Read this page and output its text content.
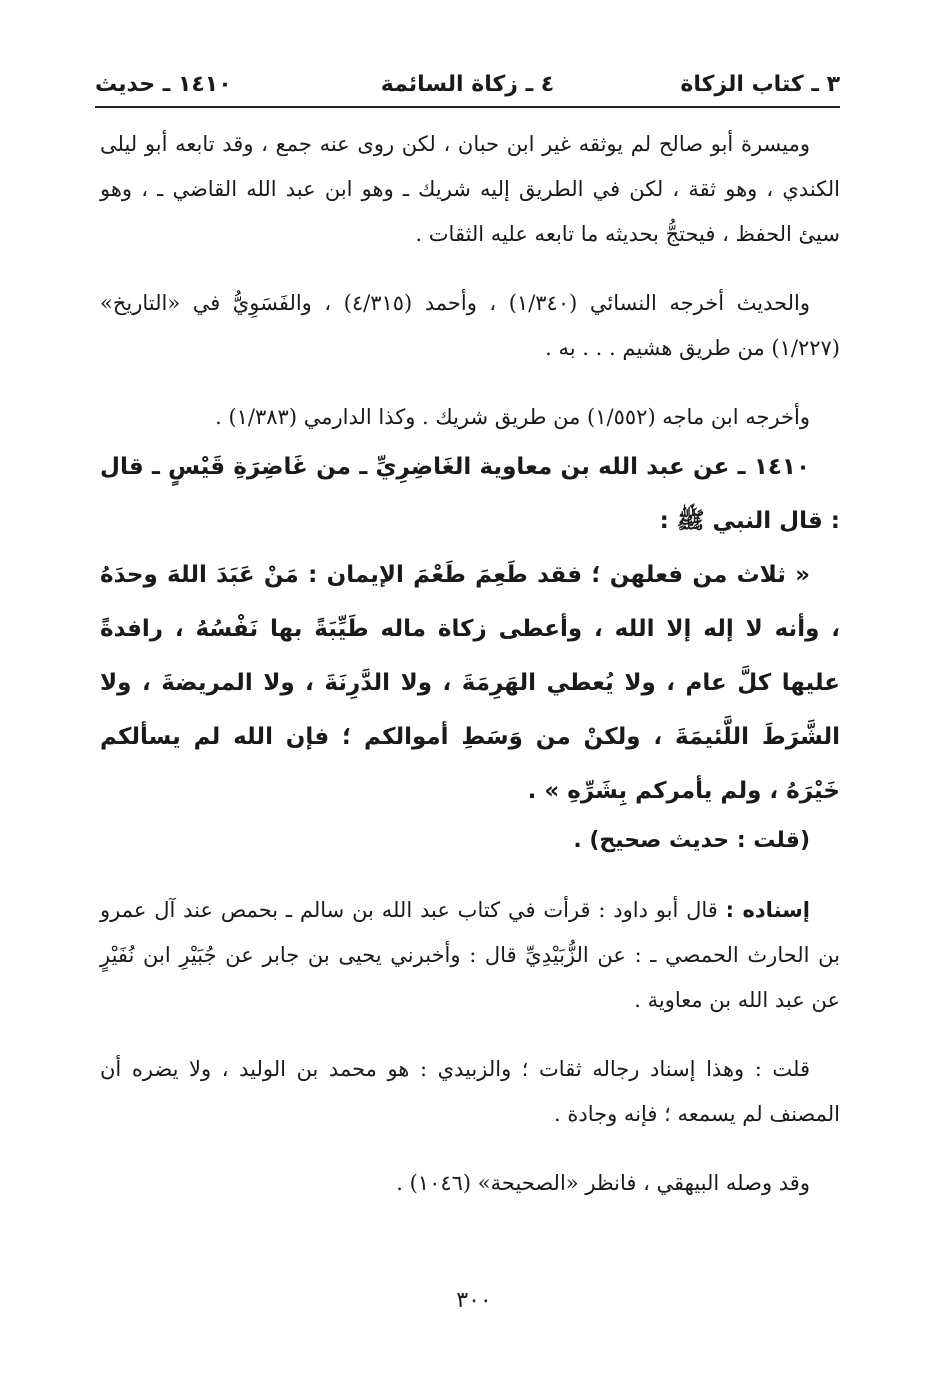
٣ ـ كتاب الزكاة
٤ ـ زكاة السائمة
١٤١٠ ـ حديث

وميسرة أبو صالح لم يوثقه غير ابن حبان ، لكن روى عنه جمع ، وقد تابعه أبو ليلى الكندي ، وهو ثقة ، لكن في الطريق إليه شريك ـ وهو ابن عبد الله القاضي ـ ، وهو سيئ الحفظ ، فيحتجُّ بحديثه ما تابعه عليه الثقات .

والحديث أخرجه النسائي (١/٣٤٠) ، وأحمد (٤/٣١٥) ، والفَسَوِيُّ في «التاريخ» (١/٢٢٧) من طريق هشيم . . . به .

وأخرجه ابن ماجه (١/٥٥٢) من طريق شريك . وكذا الدارمي (١/٣٨٣) .

١٤١٠ ـ عن عبد الله بن معاوية الغَاضِرِيِّ ـ من غَاضِرَةِ قَيْسٍ ـ قال : قال النبي ﷺ :

« ثلاث من فعلهن ؛ فقد طَعِمَ طَعْمَ الإيمان : مَنْ عَبَدَ اللهَ وحدَهُ ، وأنه لا إله إلا الله ، وأعطى زكاة ماله طَيِّبَةً بها نَفْسُهُ ، رافدةً عليها كلَّ عام ، ولا يُعطي الهَرِمَةَ ، ولا الدَّرِنَةَ ، ولا المريضةَ ، ولا الشَّرَطَ اللَّئيمَةَ ، ولكنْ من وَسَطِ أموالكم ؛ فإن الله لم يسألكم خَيْرَهُ ، ولم يأمركم بِشَرِّهِ » .

(قلت : حديث صحيح) .

إسناده : قال أبو داود : قرأت في كتاب عبد الله بن سالم ـ بحمص عند آل عمرو بن الحارث الحمصي ـ : عن الزُّبَيْدِيِّ قال : وأخبرني يحيى بن جابر عن جُبَيْرِ ابن نُفَيْرٍ عن عبد الله بن معاوية .

قلت : وهذا إسناد رجاله ثقات ؛ والزبيدي : هو محمد بن الوليد ، ولا يضره أن المصنف لم يسمعه ؛ فإنه وجادة .

وقد وصله البيهقي ، فانظر «الصحيحة» (١٠٤٦) .

٣٠٠
